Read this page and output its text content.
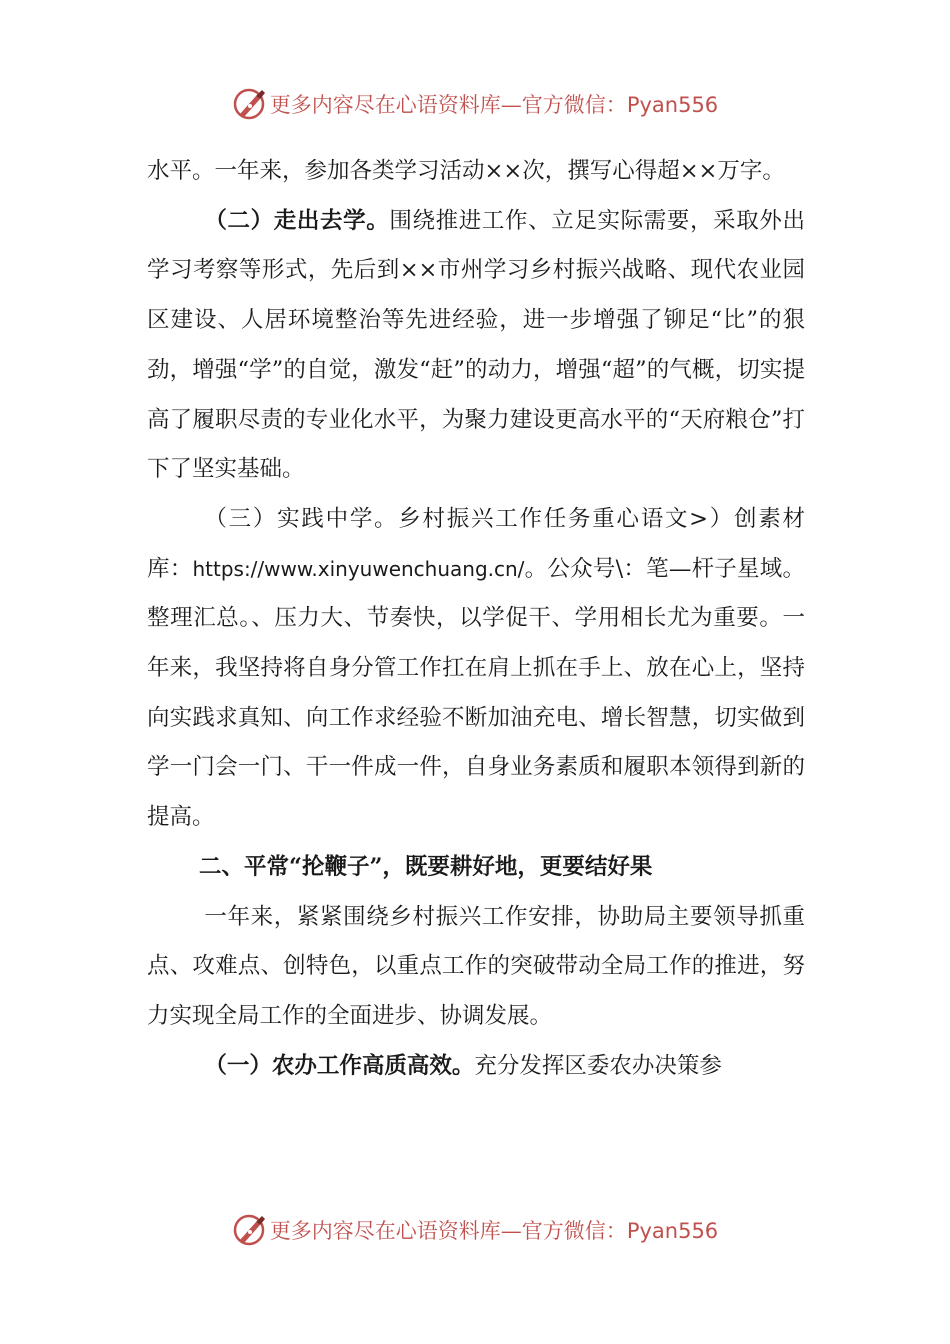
更多内容尽在心语资料库—官方微信：Pyan556

水平。一年来，参加各类学习活动××次，撰写心得超××万字。

（二）走出去学。围绕推进工作、立足实际需要，采取外出学习考察等形式，先后到××市州学习乡村振兴战略、现代农业园区建设、人居环境整治等先进经验，进一步增强了铆足“比”的狠劲，增强“学”的自觉，激发“赶”的动力，增强“超”的气概，切实提高了履职尽责的专业化水平，为聚力建设更高水平的“天府粮仓”打下了坚实基础。

（三）实践中学。乡村振兴工作任务重心语文>）创素材库：https://www.xinyuwenchuang.cn/。公众号\：笔—杆子星域。整理汇总。、压力大、节奏快，以学促干、学用相长尤为重要。一年来，我坚持将自身分管工作扛在肩上抓在手上、放在心上，坚持向实践求真知、向工作求经验不断加油充电、增长智慧，切实做到学一门会一门、干一件成一件，自身业务素质和履职本领得到新的提高。

二、平常“抡鞭子”，既要耕好地，更要结好果

一年来，紧紧围绕乡村振兴工作安排，协助局主要领导抓重点、攻难点、创特色，以重点工作的突破带动全局工作的推进，努力实现全局工作的全面进步、协调发展。

（一）农办工作高质高效。充分发挥区委农办决策参

更多内容尽在心语资料库—官方微信：Pyan556
